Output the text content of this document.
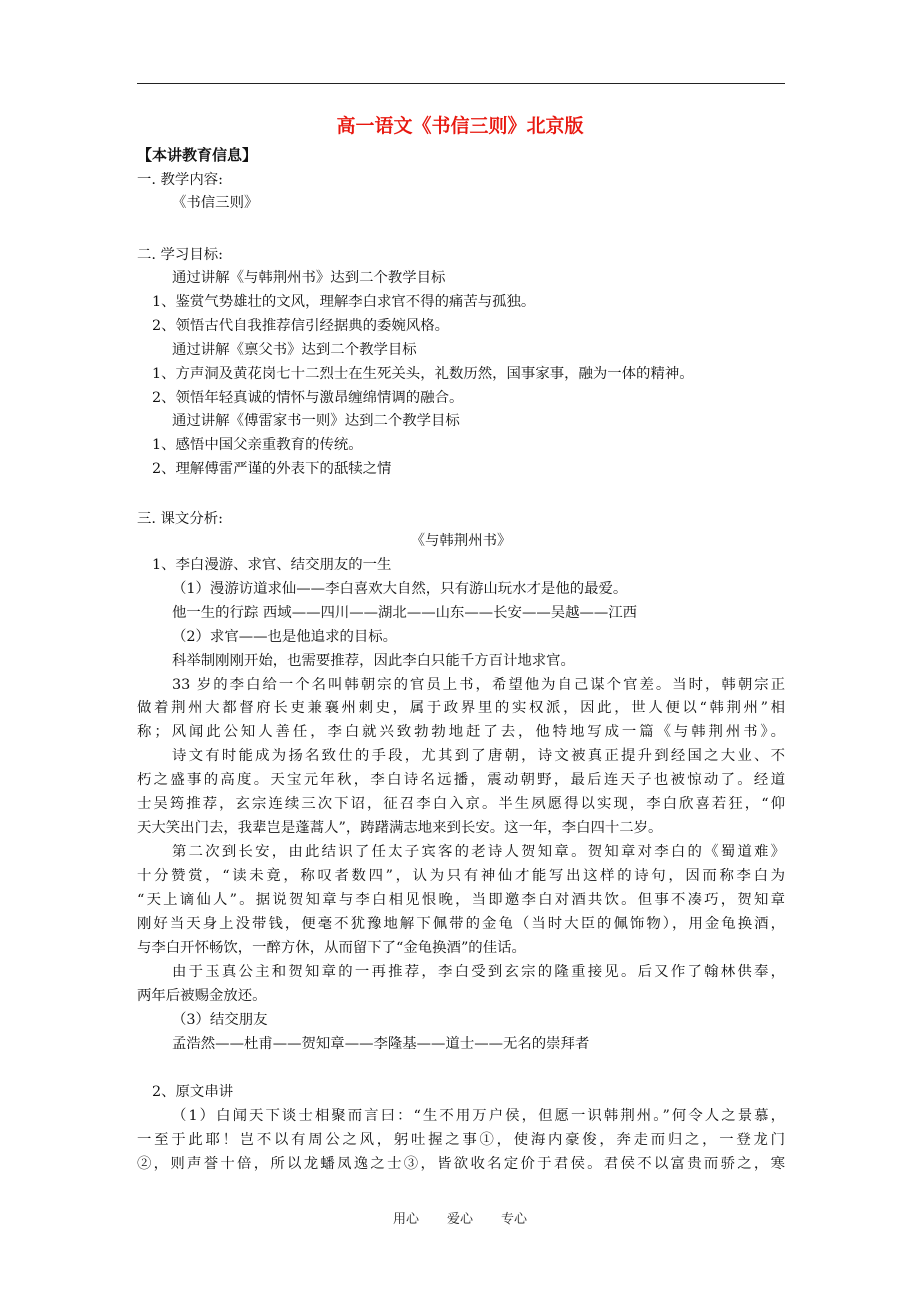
高一语文《书信三则》北京版
【本讲教育信息】
一. 教学内容:
《书信三则》
二. 学习目标:
通过讲解《与韩荆州书》达到二个教学目标
1、鉴赏气势雄壮的文风，理解李白求官不得的痛苦与孤独。
2、领悟古代自我推荐信引经据典的委婉风格。
通过讲解《禀父书》达到二个教学目标
1、方声洞及黄花岗七十二烈士在生死关头，礼数历然，国事家事，融为一体的精神。
2、领悟年轻真诚的情怀与激昂缠绵情调的融合。
通过讲解《傅雷家书一则》达到二个教学目标
1、感悟中国父亲重教育的传统。
2、理解傅雷严谨的外表下的舐犊之情
三. 课文分析:
《与韩荆州书》
1、李白漫游、求官、结交朋友的一生
（1）漫游访道求仙——李白喜欢大自然，只有游山玩水才是他的最爱。
他一生的行踪 西域——四川——湖北——山东——长安——吴越——江西
（2）求官——也是他追求的目标。
科举制刚刚开始，也需要推荐，因此李白只能千方百计地求官。
33 岁的李白给一个名叫韩朝宗的官员上书，希望他为自己谋个官差。当时，韩朝宗正
做着荆州大都督府长吏兼襄州刺史，属于政界里的实权派，因此，世人便以“韩荆州”相
称；风闻此公知人善任，李白就兴致勃勃地赶了去，他特地写成一篇《与韩荆州书》。
诗文有时能成为扬名致仕的手段，尤其到了唐朝，诗文被真正提升到经国之大业、不
朽之盛事的高度。天宝元年秋，李白诗名远播，震动朝野，最后连天子也被惊动了。经道
士吴筠推荐，玄宗连续三次下诏，征召李白入京。半生夙愿得以实现，李白欣喜若狂，“仰
天大笑出门去，我辈岂是蓬蒿人”，踌躇满志地来到长安。这一年，李白四十二岁。
第二次到长安，由此结识了任太子宾客的老诗人贺知章。贺知章对李白的《蜀道难》
十分赞赏，“读未竟，称叹者数四”，认为只有神仙才能写出这样的诗句，因而称李白为
“天上谪仙人”。据说贺知章与李白相见恨晚，当即邀李白对酒共饮。但事不凑巧，贺知章
刚好当天身上没带钱，便毫不犹豫地解下佩带的金龟（当时大臣的佩饰物），用金龟换酒，
与李白开怀畅饮，一醉方休，从而留下了“金龟换酒”的佳话。
由于玉真公主和贺知章的一再推荐，李白受到玄宗的隆重接见。后又作了翰林供奉，
两年后被赐金放还。
（3）结交朋友
孟浩然——杜甫——贺知章——李隆基——道士——无名的崇拜者
2、原文串讲
（1）白闻天下谈士相聚而言曰：“生不用万户侯，但愿一识韩荆州。”何令人之景慕，
一至于此耶！岂不以有周公之风，躬吐握之事①，使海内豪俊，奔走而归之，一登龙门
②，则声誉十倍，所以龙蟠凤逸之士③，皆欲收名定价于君侯。君侯不以富贵而骄之，寒
用心 爱心 专心
